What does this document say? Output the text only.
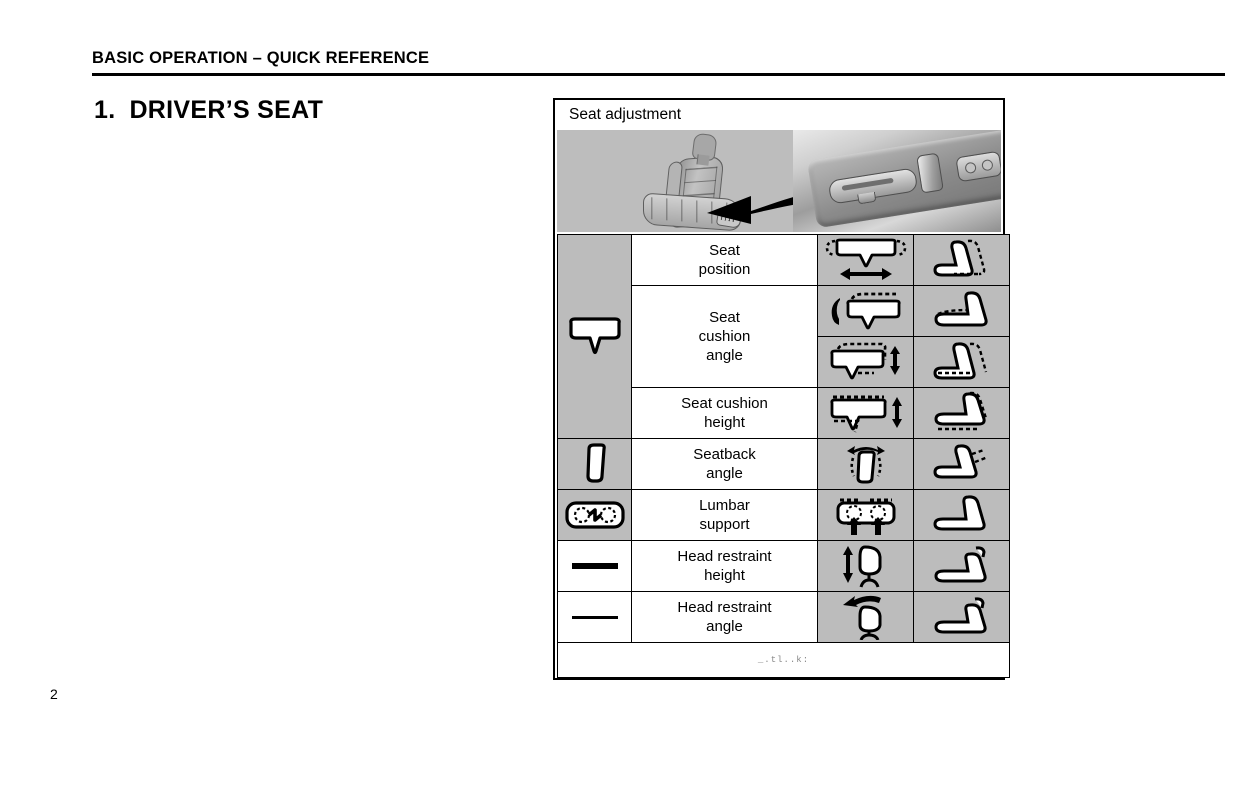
BASIC OPERATION – QUICK REFERENCE
1. DRIVER’S SEAT
2
Seat adjustment
	Seat
position	

	Seat
cushion
angle	

	Seat cushion
height	

	Seatback
angle	

	Lumbar
support	

	Head restraint
height	

	Head restraint
angle	

_.tl..k:			
